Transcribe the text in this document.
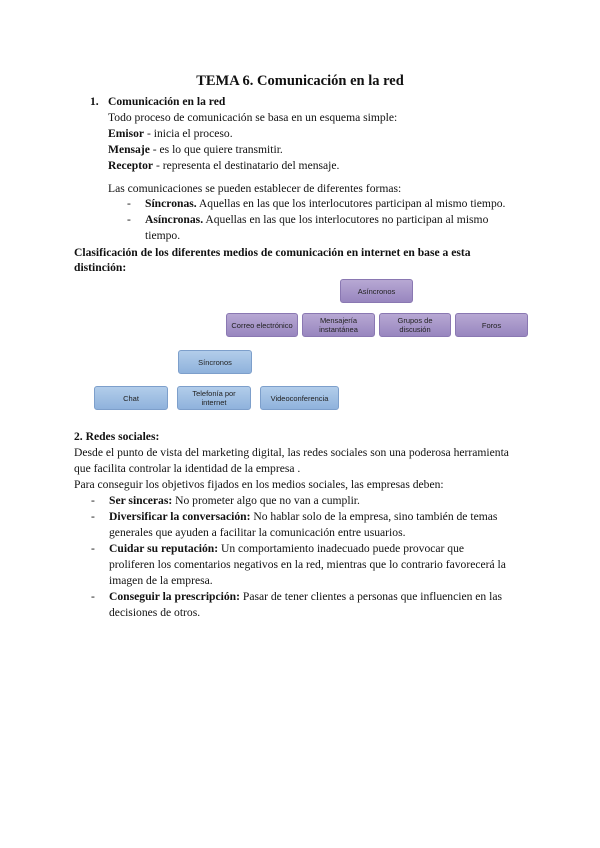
TEMA 6. Comunicación en la red
1. Comunicación en la red
Todo proceso de comunicación se basa en un esquema simple:
Emisor - inicia el proceso.
Mensaje - es lo que quiere transmitir.
Receptor - representa el destinatario del mensaje.
Las comunicaciones se pueden establecer de diferentes formas:
- Síncronas. Aquellas en las que los interlocutores participan al mismo tiempo.
- Asíncronas. Aquellas en las que los interlocutores no participan al mismo
tiempo.
Clasificación de los diferentes medios de comunicación en internet en base a esta
distinción:
Asíncronos
Correo electrónico	Mensajería instantánea
Grupos de discusión	Foros
Síncronos
Chat	Telefonía por internet	Videoconferencia
2. Redes sociales:
Desde el punto de vista del marketing digital, las redes sociales son una poderosa herramienta
que facilita controlar la identidad de la empresa .
Para conseguir los objetivos fijados en los medios sociales, las empresas deben:
- Ser sinceras: No prometer algo que no van a cumplir.
- Diversificar la conversación: No hablar solo de la empresa, sino también de temas
generales que ayuden a facilitar la comunicación entre usuarios.
- Cuidar su reputación: Un comportamiento inadecuado puede provocar que
proliferen los comentarios negativos en la red, mientras que lo contrario favorecerá la
imagen de la empresa.
- Conseguir la prescripción: Pasar de tener clientes a personas que influencien en las
decisiones de otros.
